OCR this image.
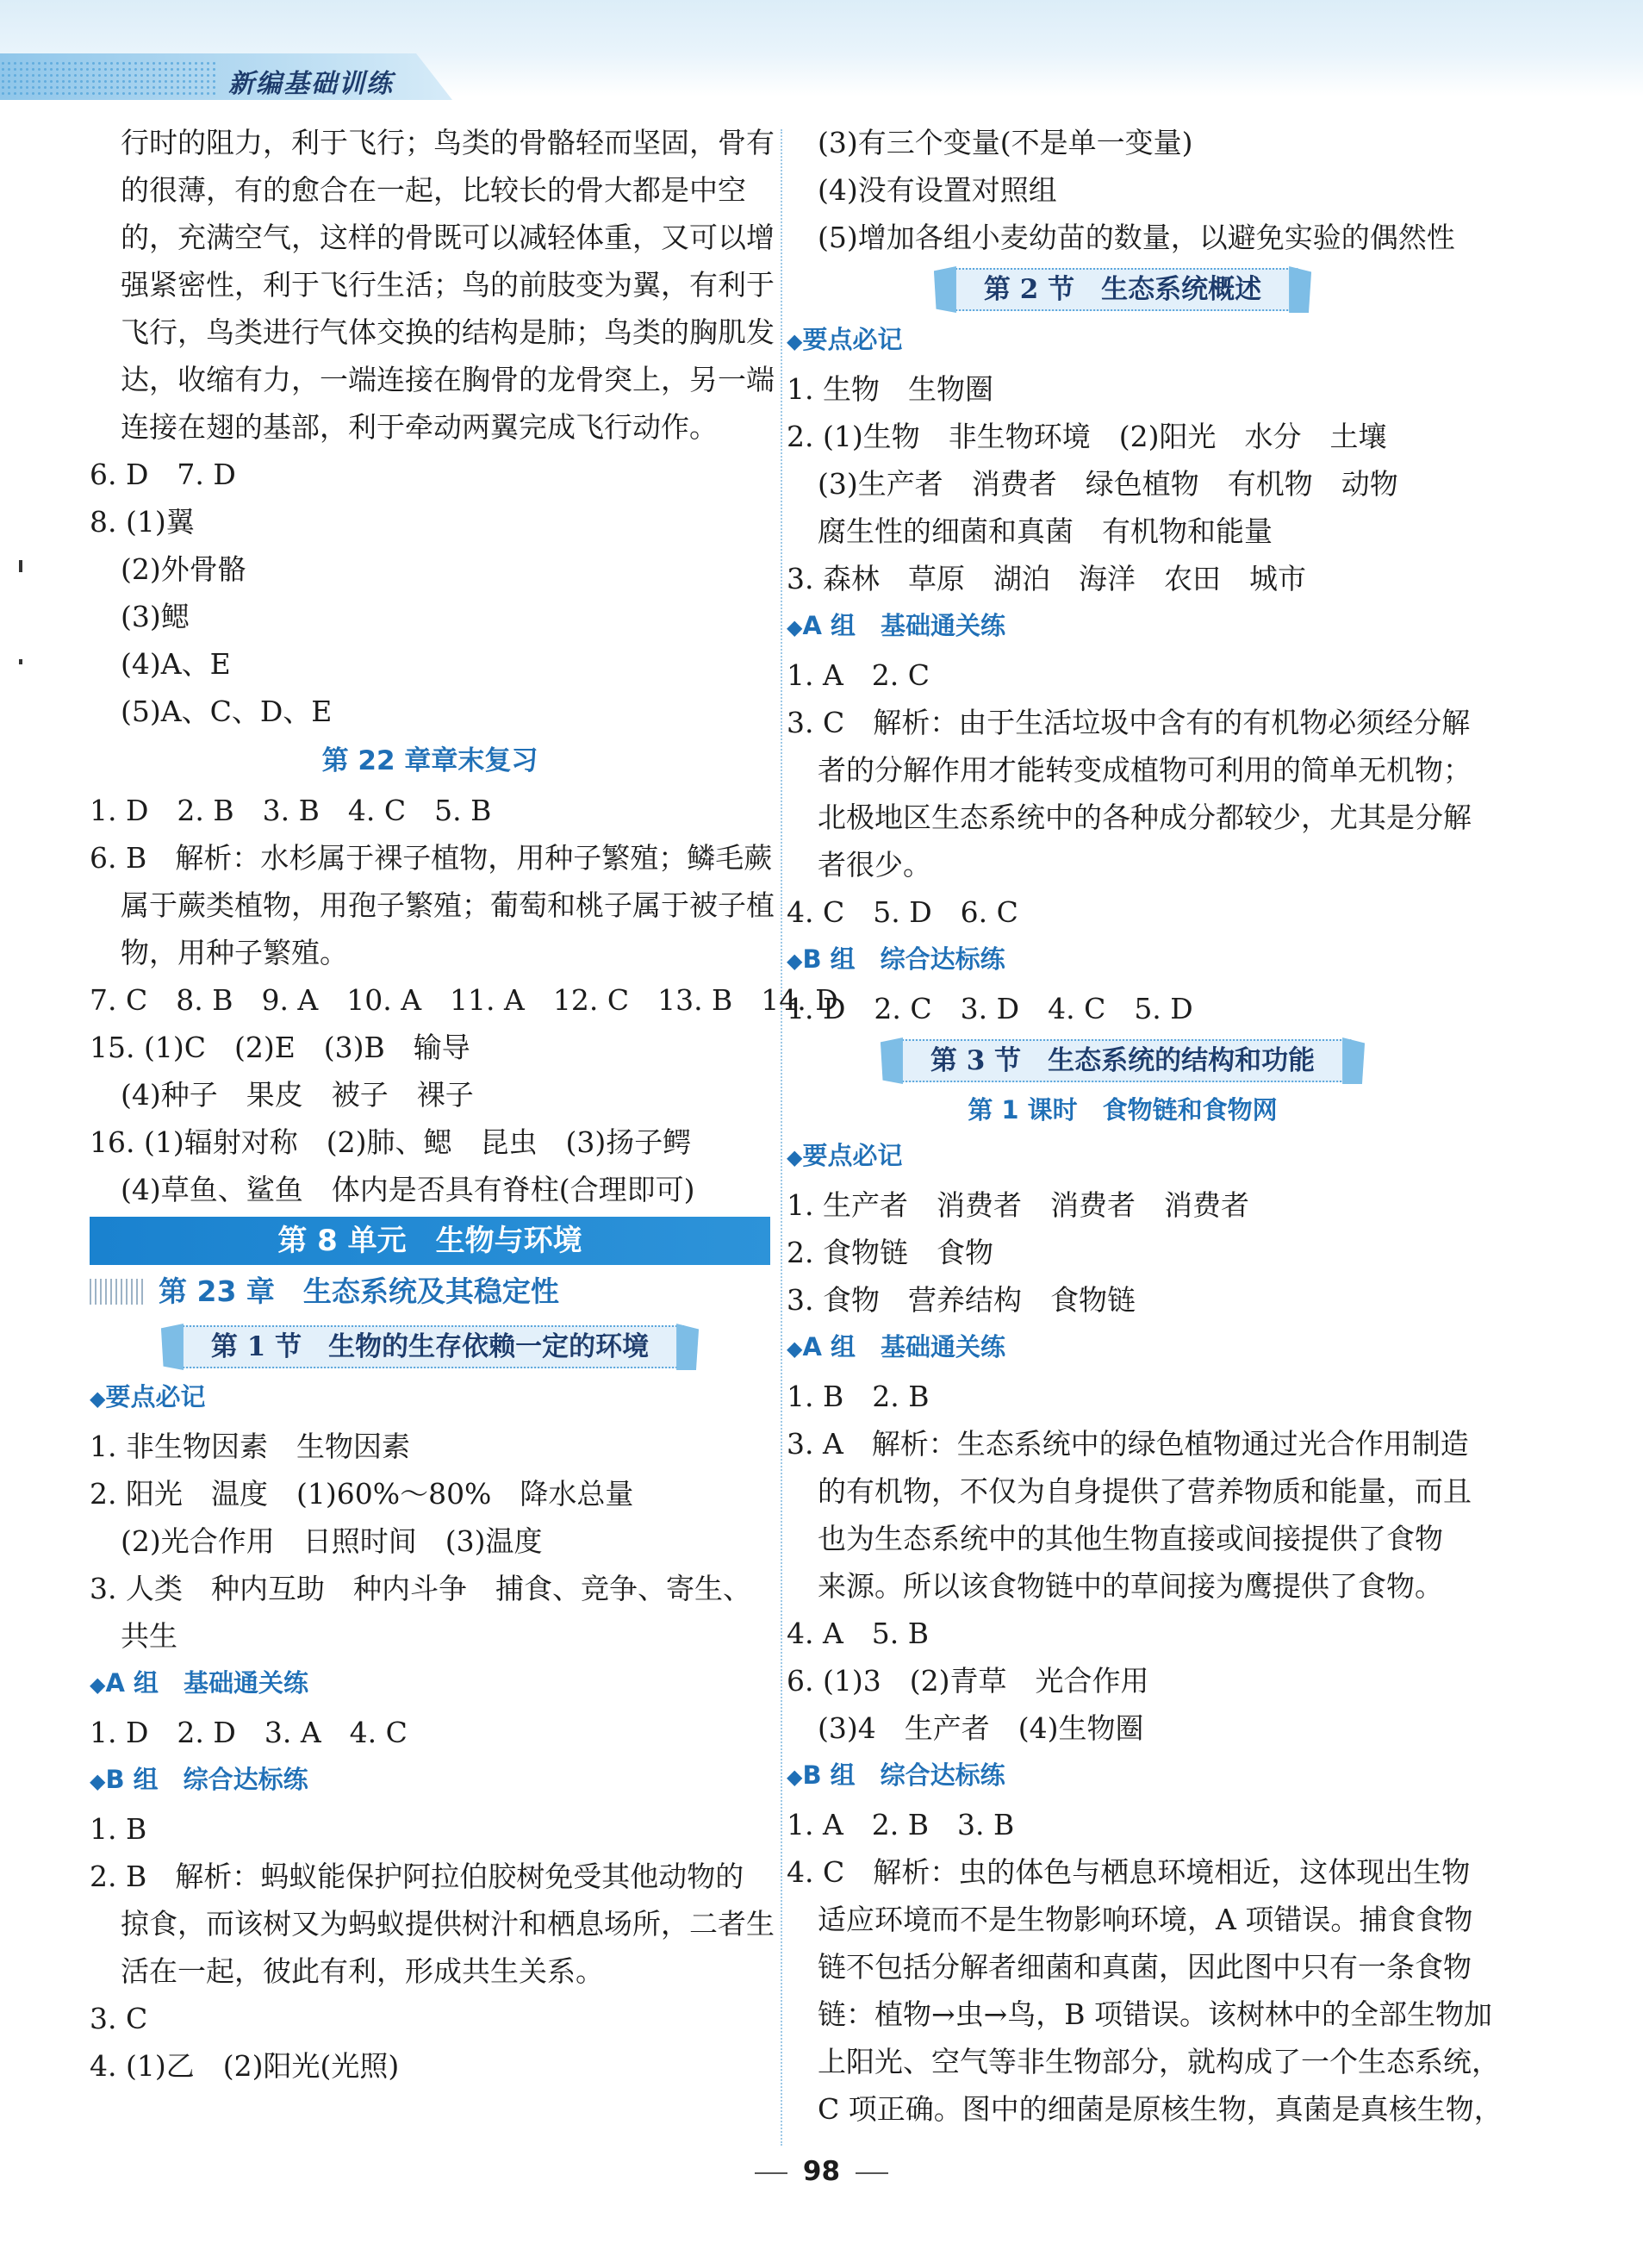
新编基础训练
行时的阻力，利于飞行；鸟类的骨骼轻而坚固，骨有
的很薄，有的愈合在一起，比较长的骨大都是中空
的，充满空气，这样的骨既可以减轻体重，又可以增
强紧密性，利于飞行生活；鸟的前肢变为翼，有利于
飞行，鸟类进行气体交换的结构是肺；鸟类的胸肌发
达，收缩有力，一端连接在胸骨的龙骨突上，另一端
连接在翅的基部，利于牵动两翼完成飞行动作。
6. D　7. D
8. (1)翼
(2)外骨骼
(3)鳃
(4)A、E
(5)A、C、D、E
第 22 章章末复习
1. D　2. B　3. B　4. C　5. B
6. B　解析：水杉属于裸子植物，用种子繁殖；鳞毛蕨
属于蕨类植物，用孢子繁殖；葡萄和桃子属于被子植
物，用种子繁殖。
7. C　8. B　9. A　10. A　11. A　12. C　13. B　14. D
15. (1)C　(2)E　(3)B　输导
(4)种子　果皮　被子　裸子
16. (1)辐射对称　(2)肺、鳃　昆虫　(3)扬子鳄
(4)草鱼、鲨鱼　体内是否具有脊柱(合理即可)
第 8 单元　生物与环境
第 23 章　生态系统及其稳定性
第 1 节　生物的生存依赖一定的环境
◆要点必记
1. 非生物因素　生物因素
2. 阳光　温度　(1)60%～80%　降水总量
(2)光合作用　日照时间　(3)温度
3. 人类　种内互助　种内斗争　捕食、竞争、寄生、
共生
◆A 组　基础通关练
1. D　2. D　3. A　4. C
◆B 组　综合达标练
1. B
2. B　解析：蚂蚁能保护阿拉伯胶树免受其他动物的
掠食，而该树又为蚂蚁提供树汁和栖息场所，二者生
活在一起，彼此有利，形成共生关系。
3. C
4. (1)乙　(2)阳光(光照)
(3)有三个变量(不是单一变量)
(4)没有设置对照组
(5)增加各组小麦幼苗的数量，以避免实验的偶然性
第 2 节　生态系统概述
◆要点必记
1. 生物　生物圈
2. (1)生物　非生物环境　(2)阳光　水分　土壤
(3)生产者　消费者　绿色植物　有机物　动物
腐生性的细菌和真菌　有机物和能量
3. 森林　草原　湖泊　海洋　农田　城市
◆A 组　基础通关练
1. A　2. C
3. C　解析：由于生活垃圾中含有的有机物必须经分解
者的分解作用才能转变成植物可利用的简单无机物；
北极地区生态系统中的各种成分都较少，尤其是分解
者很少。
4. C　5. D　6. C
◆B 组　综合达标练
1. D　2. C　3. D　4. C　5. D
第 3 节　生态系统的结构和功能
第 1 课时　食物链和食物网
◆要点必记
1. 生产者　消费者　消费者　消费者
2. 食物链　食物
3. 食物　营养结构　食物链
◆A 组　基础通关练
1. B　2. B
3. A　解析：生态系统中的绿色植物通过光合作用制造
的有机物，不仅为自身提供了营养物质和能量，而且
也为生态系统中的其他生物直接或间接提供了食物
来源。所以该食物链中的草间接为鹰提供了食物。
4. A　5. B
6. (1)3　(2)青草　光合作用
(3)4　生产者　(4)生物圈
◆B 组　综合达标练
1. A　2. B　3. B
4. C　解析：虫的体色与栖息环境相近，这体现出生物
适应环境而不是生物影响环境，A 项错误。捕食食物
链不包括分解者细菌和真菌，因此图中只有一条食物
链：植物→虫→鸟，B 项错误。该树林中的全部生物加
上阳光、空气等非生物部分，就构成了一个生态系统，
C 项正确。图中的细菌是原核生物，真菌是真核生物，
98
